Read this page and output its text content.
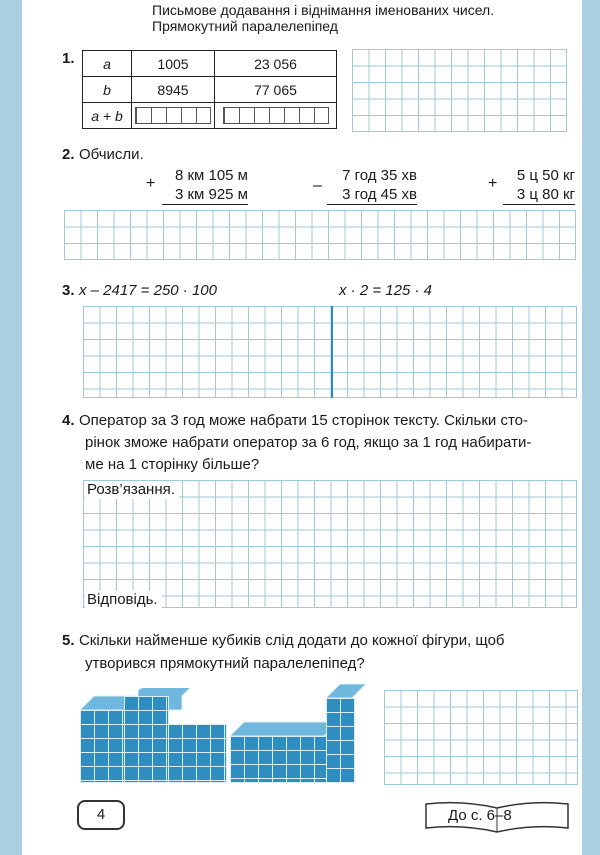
Письмове додавання і віднімання іменованих чисел.
Прямокутний паралелепіпед
1. a	1005	23 056
b	8945	77 065
a + b		
2. Обчисли.
+	8 км 105 м
3 км 925 м
–
7 год 35 хв
3 год 45 хв
+	5 ц 50 кг
3 ц 80 кг
3. x – 2417 = 250 · 100	x · 2 = 125 · 4
4. Оператор за 3 год може набрати 15 сторінок тексту. Скільки сто-
рінок зможе набрати оператор за 6 год, якщо за 1 год набирати-
ме на 1 сторінку більше?
Розв’язання.
Відповідь.
5. Скільки найменше кубиків слід додати до кожної фігури, щоб
утворився прямокутний паралелепіпед?
4	До с. 6–8
